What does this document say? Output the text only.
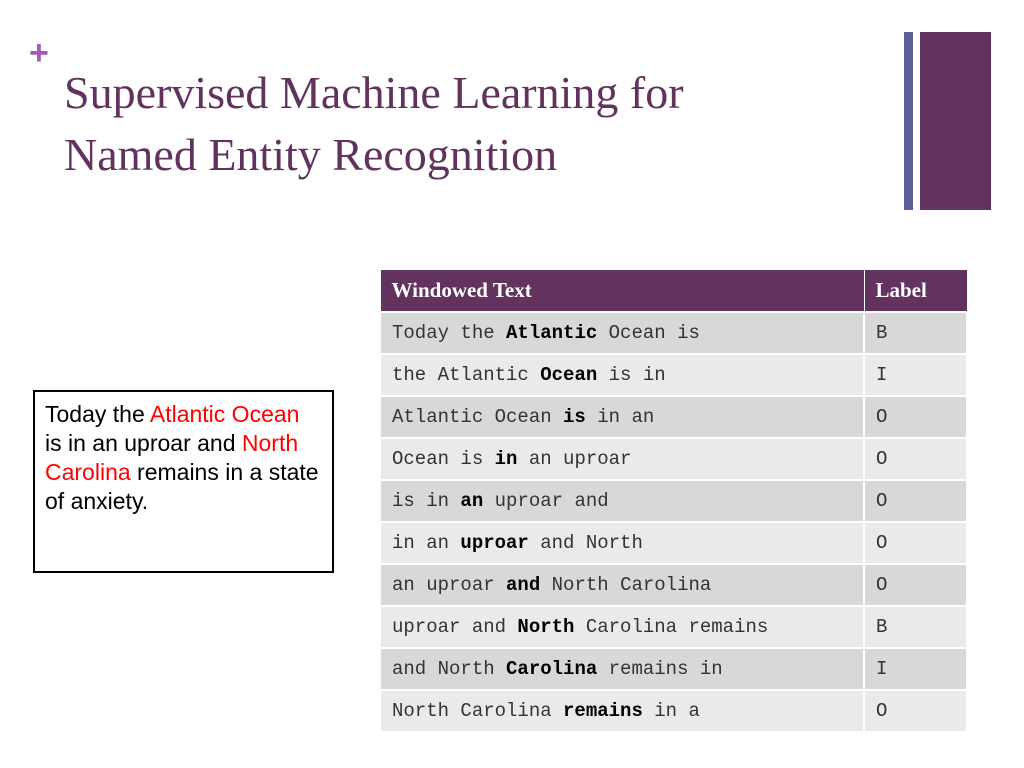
+
Supervised Machine Learning for
Named Entity Recognition
Today the Atlantic Ocean is in an uproar and North Carolina remains in a state of anxiety.
Windowed Text	Label
Today the Atlantic Ocean is	B
the Atlantic Ocean is in	I
Atlantic Ocean is in an	O
Ocean is in an uproar	O
is in an uproar and	O
in an uproar and North	O
an uproar and North Carolina	O
uproar and North Carolina remains	B
and North Carolina remains in	I
North Carolina remains in a	O
